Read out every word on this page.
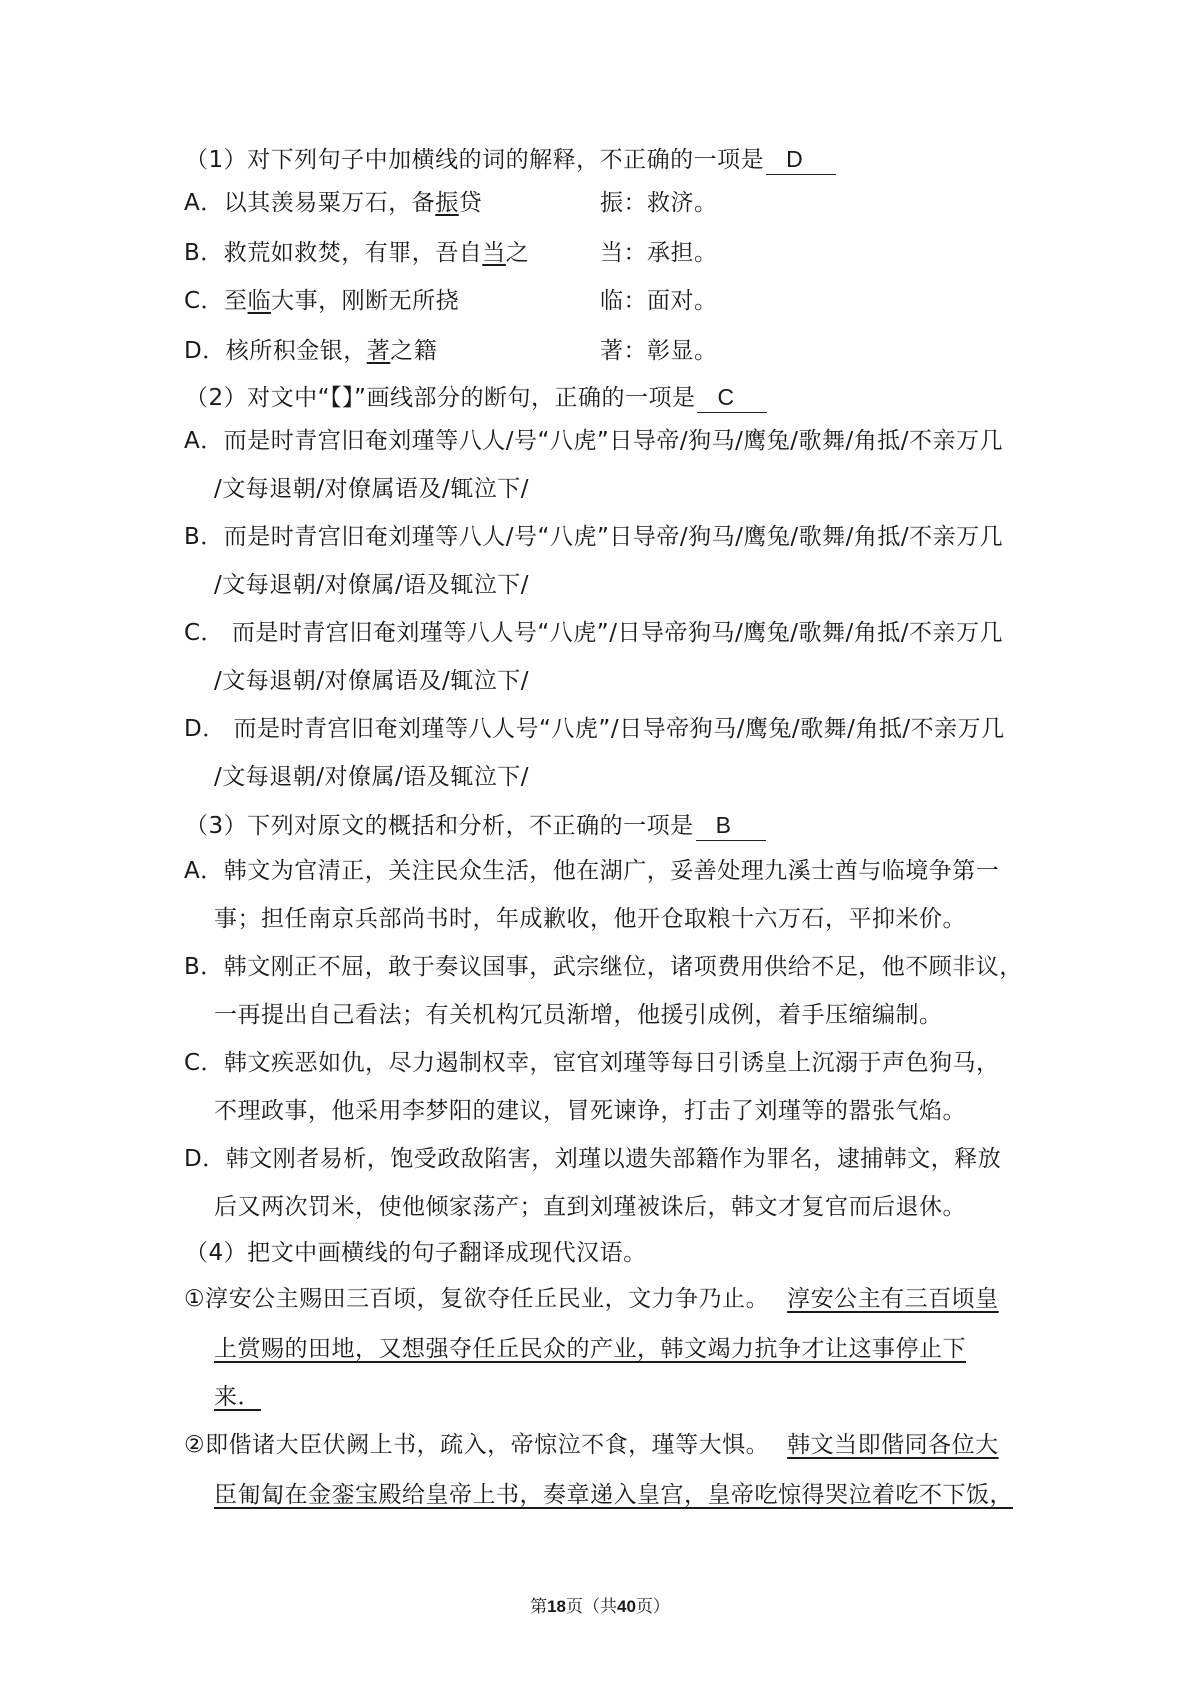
（1）对下列句子中加横线的词的解释，不正确的一项是 D
A．以其羡易粟万石，备振贷	振：救济。
B．救荒如救焚，有罪，吾自当之	当：承担。
C．至临大事，刚断无所挠	临：面对。
D．核所积金银，著之籍	著：彰显。
（2）对文中“【】”画线部分的断句，正确的一项是 C
A．而是时青宫旧奄刘瑾等八人/号“八虎”日导帝/狗马/鹰兔/歌舞/角抵/不亲万几
/文每退朝/对僚属语及/辄泣下/
B．而是时青宫旧奄刘瑾等八人/号“八虎”日导帝/狗马/鹰兔/歌舞/角抵/不亲万几
/文每退朝/对僚属/语及辄泣下/
C． 而是时青宫旧奄刘瑾等八人号“八虎”/日导帝狗马/鹰兔/歌舞/角抵/不亲万几
/文每退朝/对僚属语及/辄泣下/
D． 而是时青宫旧奄刘瑾等八人号“八虎”/日导帝狗马/鹰兔/歌舞/角抵/不亲万几
/文每退朝/对僚属/语及辄泣下/
（3）下列对原文的概括和分析，不正确的一项是 B
A．韩文为官清正，关注民众生活，他在湖广，妥善处理九溪士酋与临境争第一
事；担任南京兵部尚书时，年成歉收，他开仓取粮十六万石，平抑米价。
B．韩文刚正不屈，敢于奏议国事，武宗继位，诸项费用供给不足，他不顾非议，
一再提出自己看法；有关机构冗员渐增，他援引成例，着手压缩编制。
C．韩文疾恶如仇，尽力遏制权幸，宦官刘瑾等每日引诱皇上沉溺于声色狗马，
不理政事，他采用李梦阳的建议，冒死谏诤，打击了刘瑾等的嚣张气焰。
D．韩文刚者易析，饱受政敌陷害，刘瑾以遗失部籍作为罪名，逮捕韩文，释放
后又两次罚米，使他倾家荡产；直到刘瑾被诛后，韩文才复官而后退休。
（4）把文中画横线的句子翻译成现代汉语。
①淳安公主赐田三百顷，复欲夺任丘民业，文力争乃止。 淳安公主有三百顷皇
上赏赐的田地，又想强夺任丘民众的产业，韩文竭力抗争才让这事停止下
来．
②即偕诸大臣伏阙上书，疏入，帝惊泣不食，瑾等大惧。 韩文当即偕同各位大
臣匍匐在金銮宝殿给皇帝上书，奏章递入皇宫，皇帝吃惊得哭泣着吃不下饭，
第18页（共40页）
